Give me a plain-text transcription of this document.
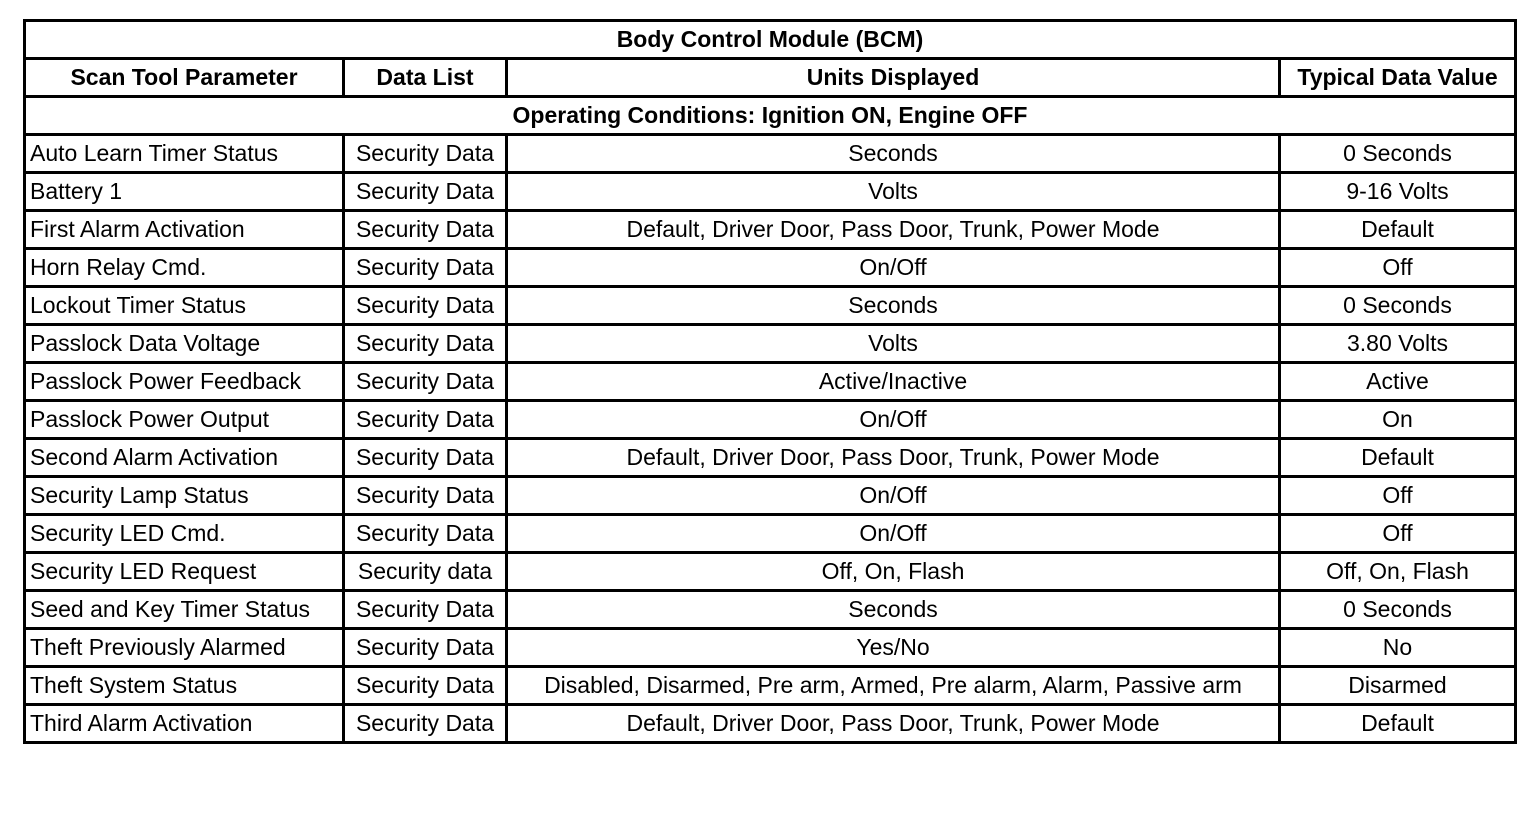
Body Control Module (BCM)			
Scan Tool Parameter	Data List	Units Displayed	Typical Data Value
Operating Conditions: Ignition ON, Engine OFF			
Auto Learn Timer Status	Security Data	Seconds	0 Seconds
Battery 1	Security Data	Volts	9-16 Volts
First Alarm Activation	Security Data	Default, Driver Door, Pass Door, Trunk, Power Mode	Default
Horn Relay Cmd.	Security Data	On/Off	Off
Lockout Timer Status	Security Data	Seconds	0 Seconds
Passlock Data Voltage	Security Data	Volts	3.80 Volts
Passlock Power Feedback	Security Data	Active/Inactive	Active
Passlock Power Output	Security Data	On/Off	On
Second Alarm Activation	Security Data	Default, Driver Door, Pass Door, Trunk, Power Mode	Default
Security Lamp Status	Security Data	On/Off	Off
Security LED Cmd.	Security Data	On/Off	Off
Security LED Request	Security data	Off, On, Flash	Off, On, Flash
Seed and Key Timer Status	Security Data	Seconds	0 Seconds
Theft Previously Alarmed	Security Data	Yes/No	No
Theft System Status	Security Data	Disabled, Disarmed, Pre arm, Armed, Pre alarm, Alarm, Passive arm	Disarmed
Third Alarm Activation	Security Data	Default, Driver Door, Pass Door, Trunk, Power Mode	Default
